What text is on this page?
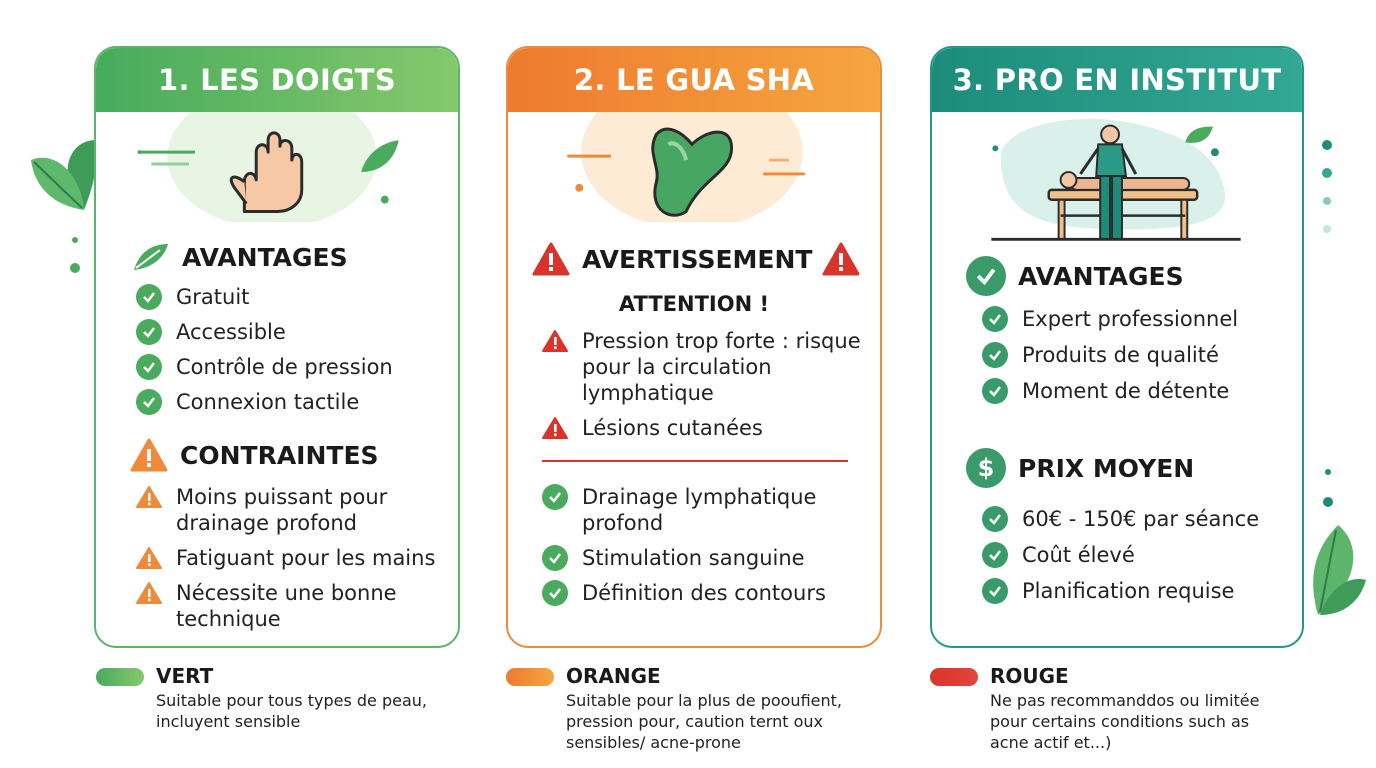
1. LES DOIGTS
AVANTAGES
Gratuit
Accessible
Contrôle de pression
Connexion tactile
CONTRAINTES
Moins puissant pour drainage profond
Fatiguant pour les mains
Nécessite une bonne technique
2. LE GUA SHA
AVERTISSEMENT
ATTENTION !
Pression trop forte : risque pour la circulation lymphatique
Lésions cutanées
Drainage lymphatique profond
Stimulation sanguine
Définition des contours
3. PRO EN INSTITUT
AVANTAGES
Expert professionnel
Produits de qualité
Moment de détente
$ PRIX MOYEN
60€ - 150€ par séance
Coût élevé
Planification requise
VERT
Suitable pour tous types de peau,
incluyent sensible
ORANGE
Suitable pour la plus de pooufient,
pression pour, caution ternt oux
sensibles/ acne-prone
ROUGE
Ne pas recommanddos ou limitée
pour certains conditions such as
acne actif et...)
